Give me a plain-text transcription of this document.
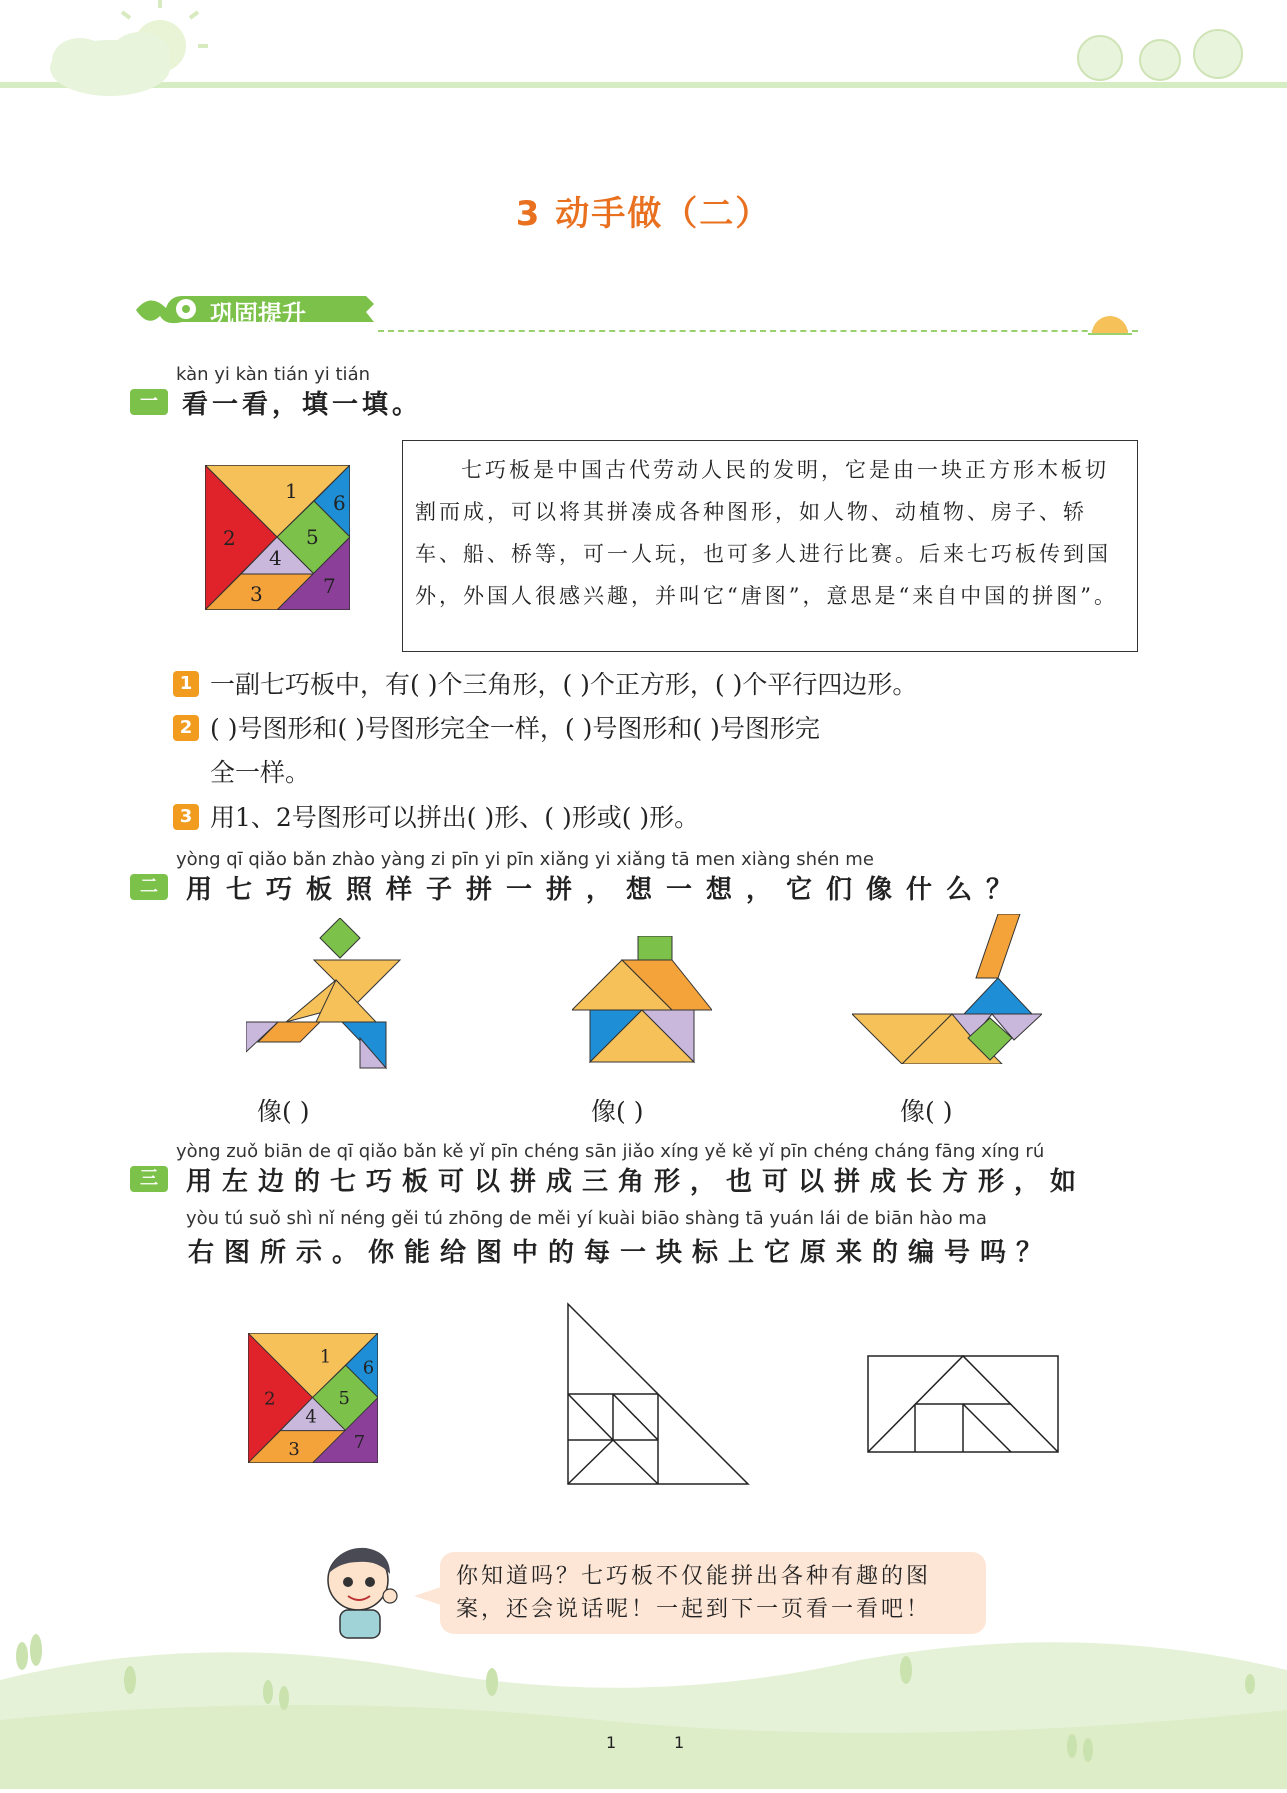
3 动手做（二）
巩固提升
kàn yi kàn tián yi tián
一 看一看，填一填。
1
2
3
4
5
6
7

七巧板是中国古代劳动人民的发明，它是由一块正方形木板切割而成，可以将其拼凑成各种图形，如人物、动植物、房子、轿车、船、桥等，可一人玩，也可多人进行比赛。后来七巧板传到国外，外国人很感兴趣，并叫它“唐图”，意思是“来自中国的拼图”。

1 一副七巧板中，有( )个三角形，( )个正方形，( )个平行四边形。
2 ( )号图形和( )号图形完全一样，( )号图形和( )号图形完
全一样。
3 用1、2号图形可以拼出( )形、( )形或( )形。
yòng qī qiǎo bǎn zhào yàng zi pīn yi pīn xiǎng yi xiǎng tā men xiàng shén me
二	用七巧板照样子拼一拼，想一想，它们像什么？
像( )	像( )	像( )
yòng zuǒ biān de qī qiǎo bǎn kě yǐ pīn chéng sān jiǎo xíng yě kě yǐ pīn chéng cháng fāng xíng rú
三	用左边的七巧板可以拼成三角形，也可以拼成长方形，如
yòu tú suǒ shì nǐ néng gěi tú zhōng de měi yí kuài biāo shàng tā yuán lái de biān hào ma
右图所示。你能给图中的每一块标上它原来的编号吗？
1
2
3
4
5
6
7
你知道吗？七巧板不仅能拼出各种有趣的图案，还会说话呢！一起到下一页看一看吧！
1	1
